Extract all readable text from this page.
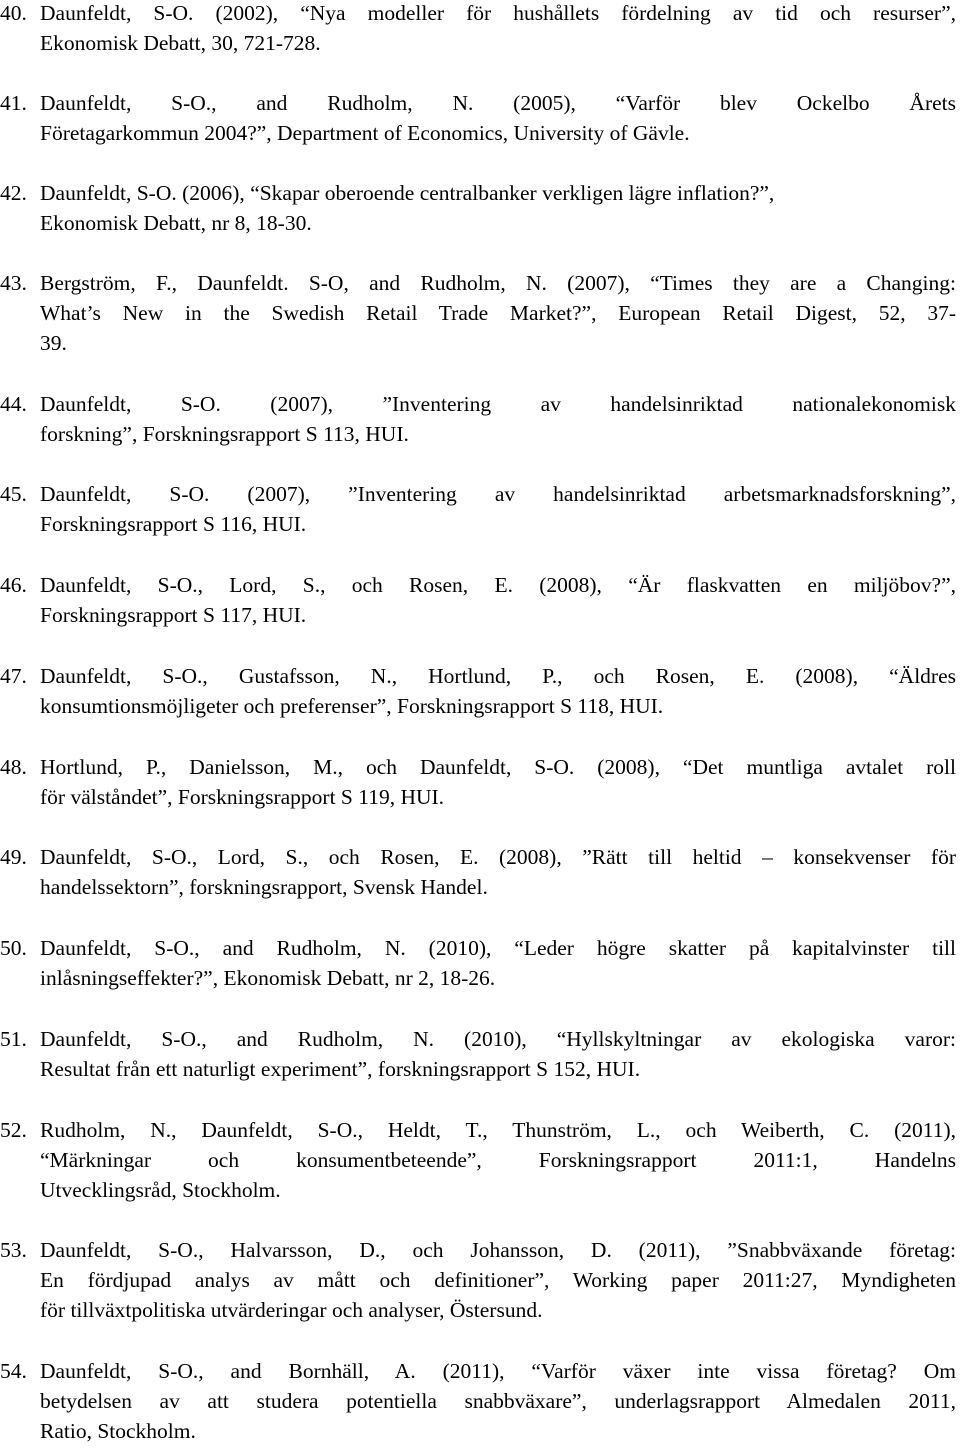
40. Daunfeldt, S-O. (2002), “Nya modeller för hushållets fördelning av tid och resurser”,
Ekonomisk Debatt, 30, 721-728.
41. Daunfeldt, S-O., and Rudholm, N. (2005), “Varför blev Ockelbo Årets
Företagarkommun 2004?”, Department of Economics, University of Gävle.
42. Daunfeldt, S-O. (2006), “Skapar oberoende centralbanker verkligen lägre inflation?”,
Ekonomisk Debatt, nr 8, 18-30.
43. Bergström, F., Daunfeldt. S-O, and Rudholm, N. (2007), “Times they are a Changing:
What’s New in the Swedish Retail Trade Market?”, European Retail Digest, 52, 37-
39.
44. Daunfeldt, S-O. (2007), ”Inventering av handelsinriktad nationalekonomisk
forskning”, Forskningsrapport S 113, HUI.
45. Daunfeldt, S-O. (2007), ”Inventering av handelsinriktad arbetsmarknadsforskning”,
Forskningsrapport S 116, HUI.
46. Daunfeldt, S-O., Lord, S., och Rosen, E. (2008), “Är flaskvatten en miljöbov?”,
Forskningsrapport S 117, HUI.
47. Daunfeldt, S-O., Gustafsson, N., Hortlund, P., och Rosen, E. (2008), “Äldres
konsumtionsmöjligeter och preferenser”, Forskningsrapport S 118, HUI.
48. Hortlund, P., Danielsson, M., och Daunfeldt, S-O. (2008), “Det muntliga avtalet roll
för välståndet”, Forskningsrapport S 119, HUI.
49. Daunfeldt, S-O., Lord, S., och Rosen, E. (2008), ”Rätt till heltid – konsekvenser för
handelssektorn”, forskningsrapport, Svensk Handel.
50. Daunfeldt, S-O., and Rudholm, N. (2010), “Leder högre skatter på kapitalvinster till
inlåsningseffekter?”, Ekonomisk Debatt, nr 2, 18-26.
51. Daunfeldt, S-O., and Rudholm, N. (2010), “Hyllskyltningar av ekologiska varor:
Resultat från ett naturligt experiment”, forskningsrapport S 152, HUI.
52. Rudholm, N., Daunfeldt, S-O., Heldt, T., Thunström, L., och Weiberth, C. (2011),
“Märkningar och konsumentbeteende”, Forskningsrapport 2011:1, Handelns
Utvecklingsråd, Stockholm.
53. Daunfeldt, S-O., Halvarsson, D., och Johansson, D. (2011), ”Snabbväxande företag:
En fördjupad analys av mått och definitioner”, Working paper 2011:27, Myndigheten
för tillväxtpolitiska utvärderingar och analyser, Östersund.
54. Daunfeldt, S-O., and Bornhäll, A. (2011), “Varför växer inte vissa företag? Om
betydelsen av att studera potentiella snabbväxare”, underlagsrapport Almedalen 2011,
Ratio, Stockholm.
